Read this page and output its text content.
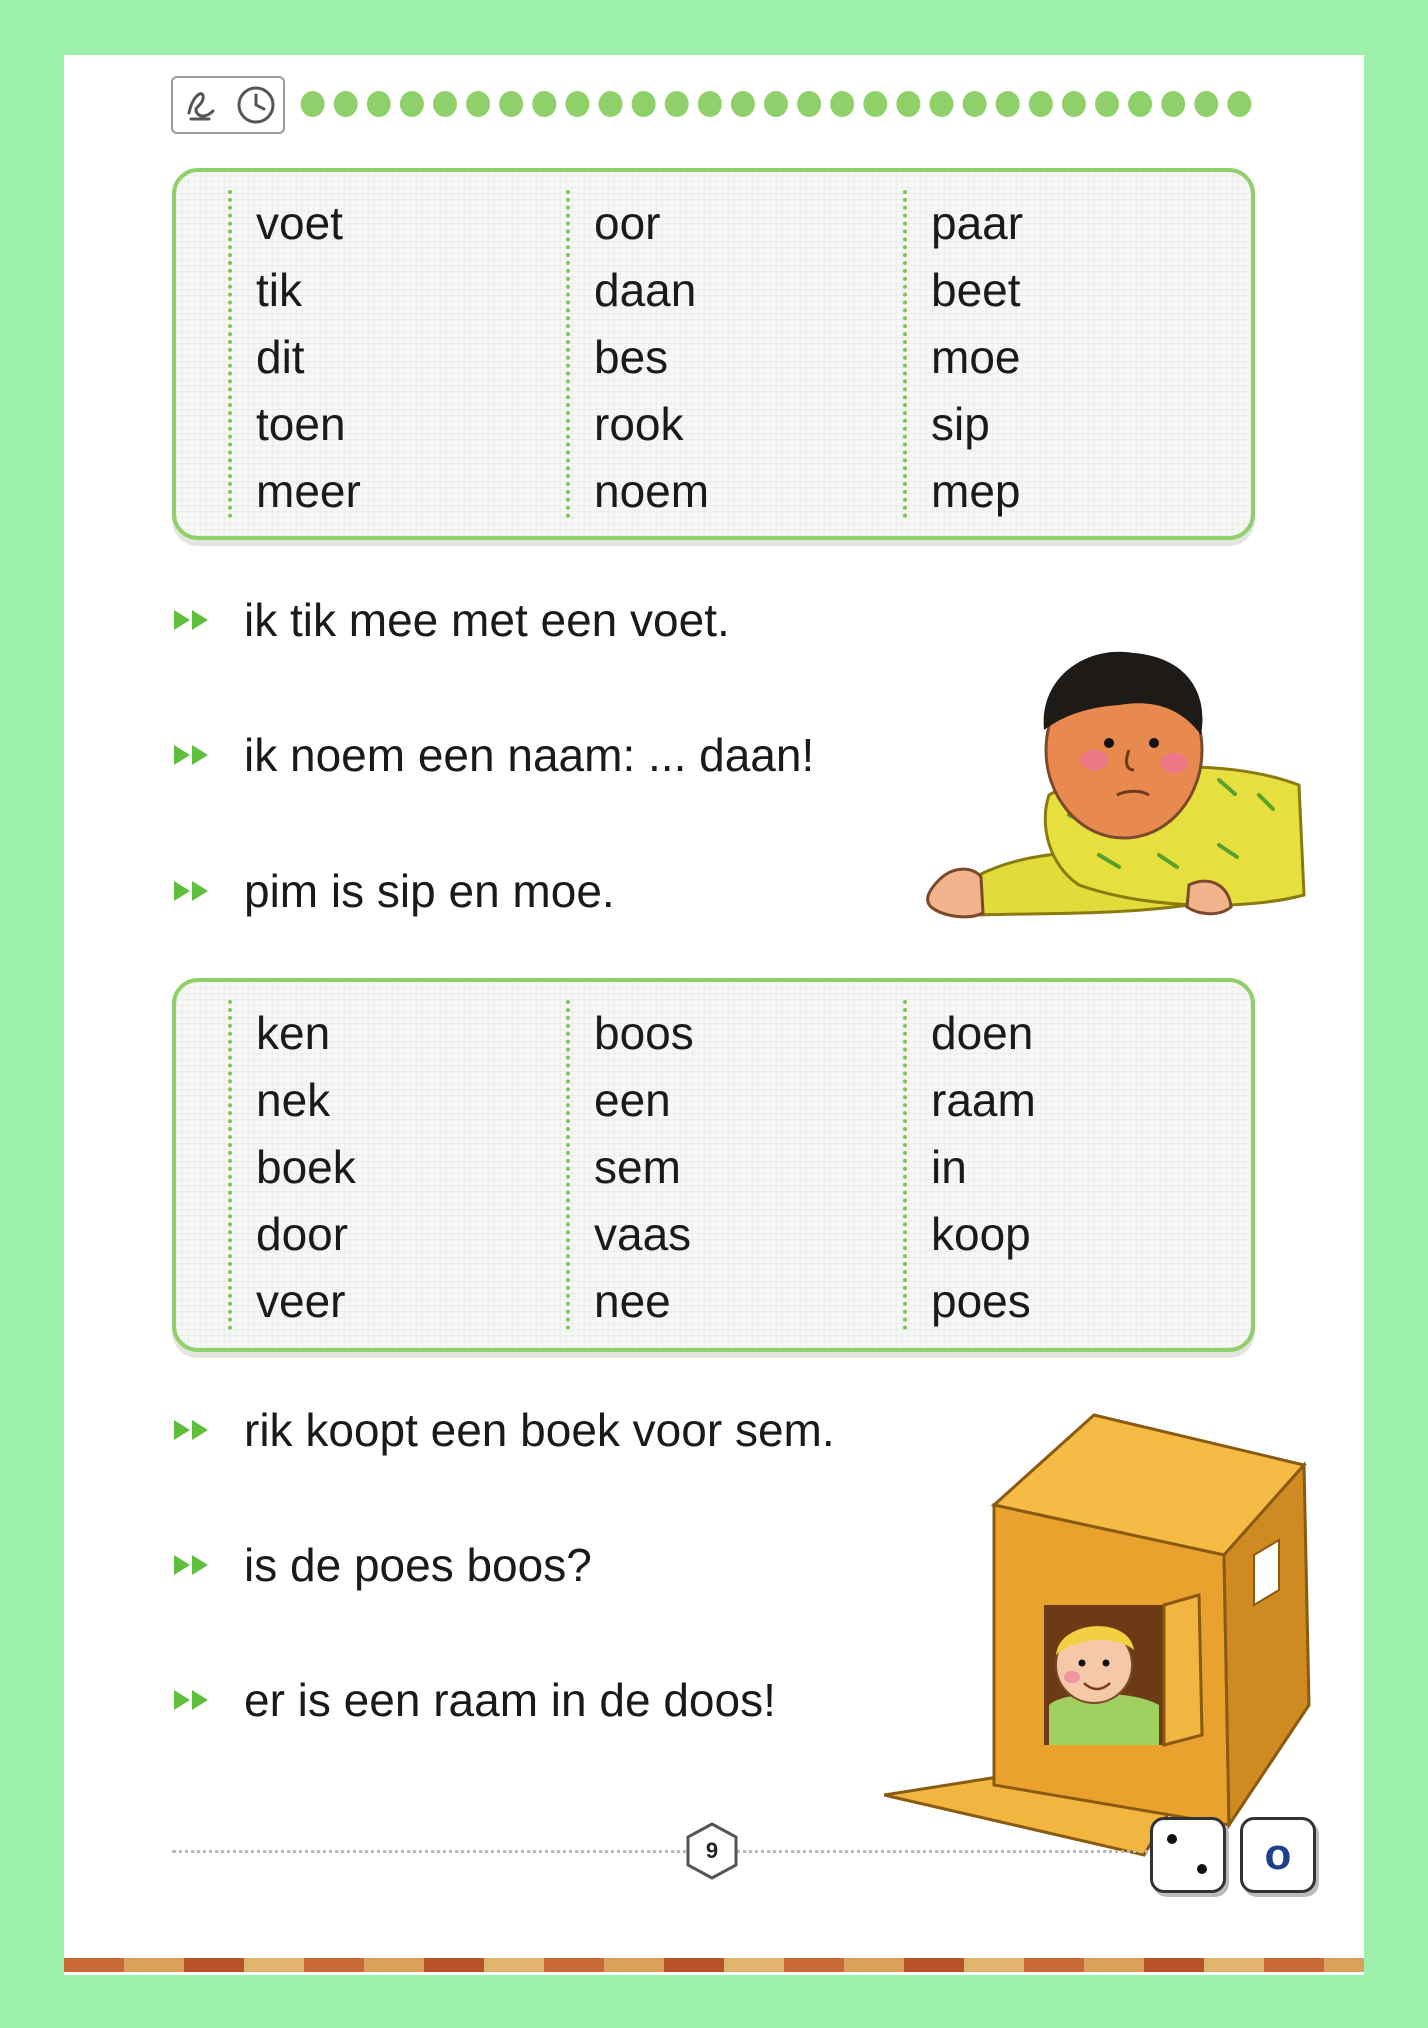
voet
tik
dit
toen
meer
oor
daan
bes
rook
noem
paar
beet
moe
sip
mep
ik tik mee met een voet.
ik noem een naam: ... daan!
pim is sip en moe.
ken
nek
boek
door
veer
boos
een
sem
vaas
nee
doen
raam
in
koop
poes
rik koopt een boek voor sem.
is de poes boos?
er is een raam in de doos!
9	o
